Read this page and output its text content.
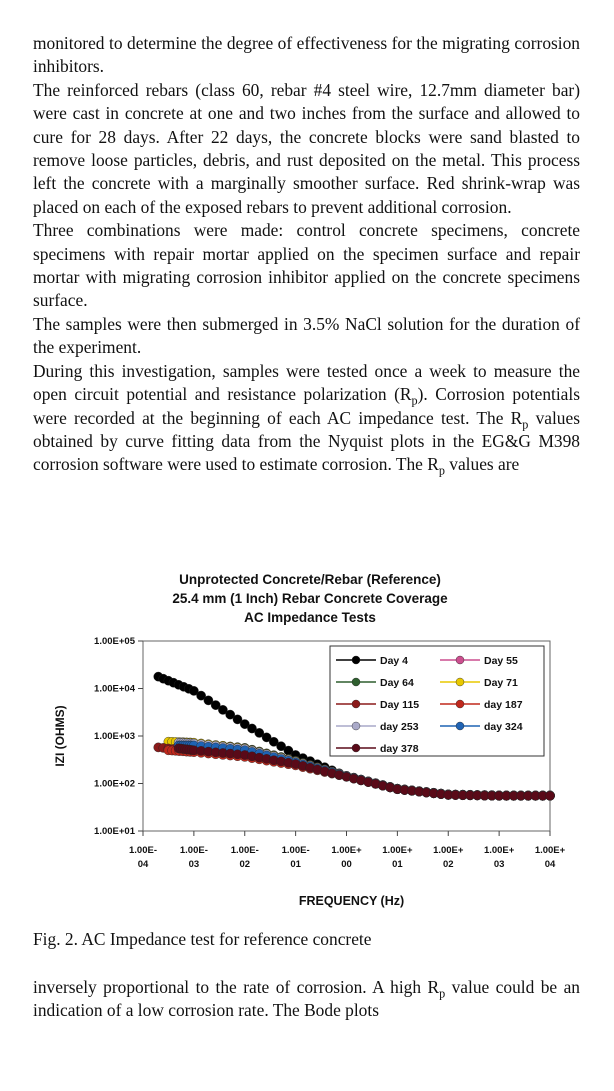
monitored to determine the degree of effectiveness for the migrating corrosion inhibitors.

The reinforced rebars (class 60, rebar #4 steel wire, 12.7mm diameter bar) were cast in concrete at one and two inches from the surface and allowed to cure for 28 days. After 22 days, the concrete blocks were sand blasted to remove loose particles, debris, and rust deposited on the metal. This process left the concrete with a marginally smoother surface. Red shrink-wrap was placed on each of the exposed rebars to prevent additional corrosion.

Three combinations were made: control concrete specimens, concrete specimens with repair mortar applied on the specimen surface and repair mortar with migrating corrosion inhibitor applied on the concrete specimens surface.

The samples were then submerged in 3.5% NaCl solution for the duration of the experiment.

During this investigation, samples were tested once a week to measure the open circuit potential and resistance polarization $(R_p)$. Corrosion potentials were recorded at the beginning of each AC impedance test. The $R_p$ values obtained by curve fitting data from the Nyquist plots in the EG&G M398 corrosion software were used to estimate corrosion. The $R_p$ values are

Unprotected Concrete/Rebar (Reference)
25.4 mm (1 Inch) Rebar Concrete Coverage
AC Impedance Tests
1.00E+01
1.00E+02
1.00E+03
1.00E+04
1.00E+05
1.00E-
04
1.00E-
03
1.00E-
02
1.00E-
01
1.00E+
00
1.00E+
01
1.00E+
02
1.00E+
03
1.00E+
04
FREQUENCY (Hz)
IZI (OHMS)
Day 4	Day 55
Day 64	Day 71
Day 115	day 187
day 253	day 324
day 378
Fig. 2. AC Impedance test for reference concrete

inversely proportional to the rate of corrosion. A high $R_p$ value could be an indication of a low corrosion rate. The Bode plots
